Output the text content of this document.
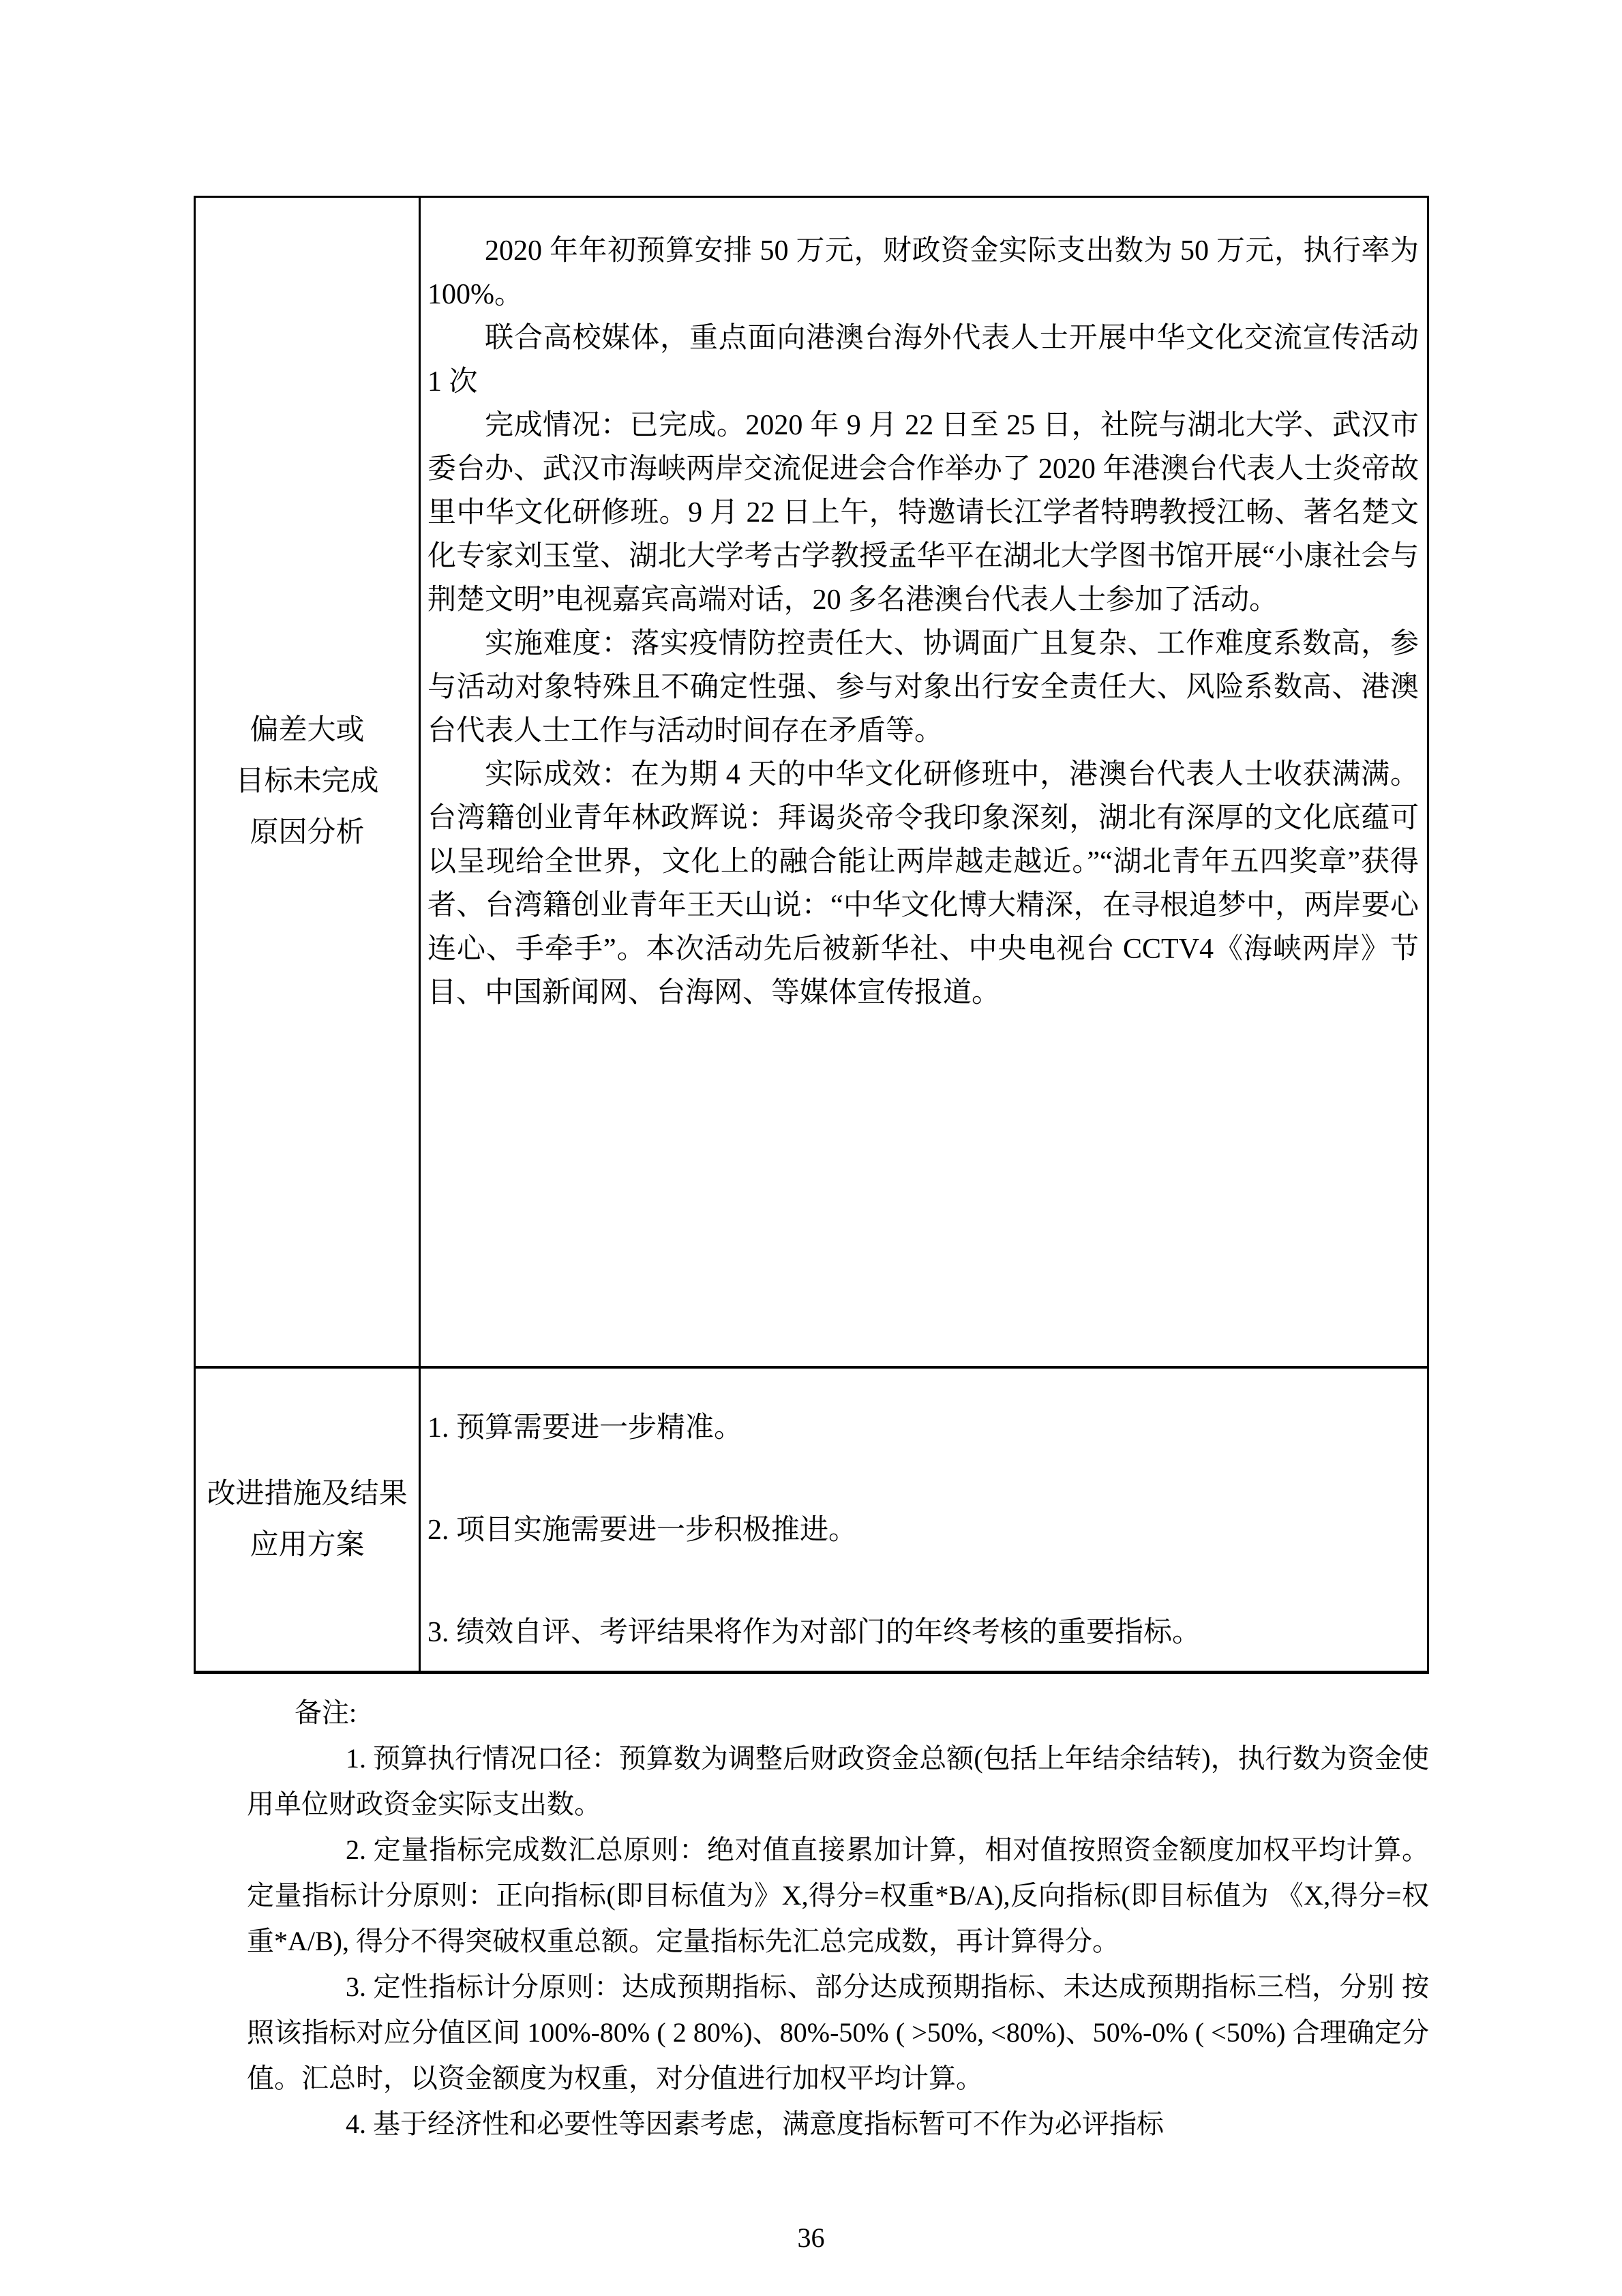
偏差大或
目标未完成
原因分析

2020 年年初预算安排 50 万元，财政资金实际支出数为 50 万元，执行率为 100%。

联合高校媒体，重点面向港澳台海外代表人士开展中华文化交流宣传活动 1 次

完成情况：已完成。2020 年 9 月 22 日至 25 日，社院与湖北大学、武汉市委台办、武汉市海峡两岸交流促进会合作举办了 2020 年港澳台代表人士炎帝故里中华文化研修班。9 月 22 日上午，特邀请长江学者特聘教授江畅、著名楚文化专家刘玉堂、湖北大学考古学教授孟华平在湖北大学图书馆开展“小康社会与荆楚文明”电视嘉宾高端对话，20 多名港澳台代表人士参加了活动。

实施难度：落实疫情防控责任大、协调面广且复杂、工作难度系数高，参与活动对象特殊且不确定性强、参与对象出行安全责任大、风险系数高、港澳台代表人士工作与活动时间存在矛盾等。

实际成效：在为期 4 天的中华文化研修班中，港澳台代表人士收获满满。台湾籍创业青年林政辉说：拜谒炎帝令我印象深刻，湖北有深厚的文化底蕴可以呈现给全世界，文化上的融合能让两岸越走越近。”“湖北青年五四奖章”获得者、台湾籍创业青年王天山说：“中华文化博大精深，在寻根追梦中，两岸要心连心、手牵手”。本次活动先后被新华社、中央电视台 CCTV4《海峡两岸》节目、中国新闻网、台海网、等媒体宣传报道。

改进措施及结果
应用方案

1. 预算需要进一步精准。

2. 项目实施需要进一步积极推进。

3. 绩效自评、考评结果将作为对部门的年终考核的重要指标。

备注:

1. 预算执行情况口径：预算数为调整后财政资金总额(包括上年结余结转)，执行数为资金使用单位财政资金实际支出数。

2. 定量指标完成数汇总原则：绝对值直接累加计算，相对值按照资金额度加权平均计算。 定量指标计分原则：正向指标(即目标值为》X,得分=权重*B/A),反向指标(即目标值为 《X,得分=权重*A/B), 得分不得突破权重总额。定量指标先汇总完成数，再计算得分。

3. 定性指标计分原则：达成预期指标、部分达成预期指标、未达成预期指标三档，分别 按照该指标对应分值区间 100%-80% ( 2 80%)、80%-50% ( >50%, <80%)、50%-0% ( <50%) 合理确定分值。汇总时，以资金额度为权重，对分值进行加权平均计算。

4. 基于经济性和必要性等因素考虑，满意度指标暂可不作为必评指标

36
